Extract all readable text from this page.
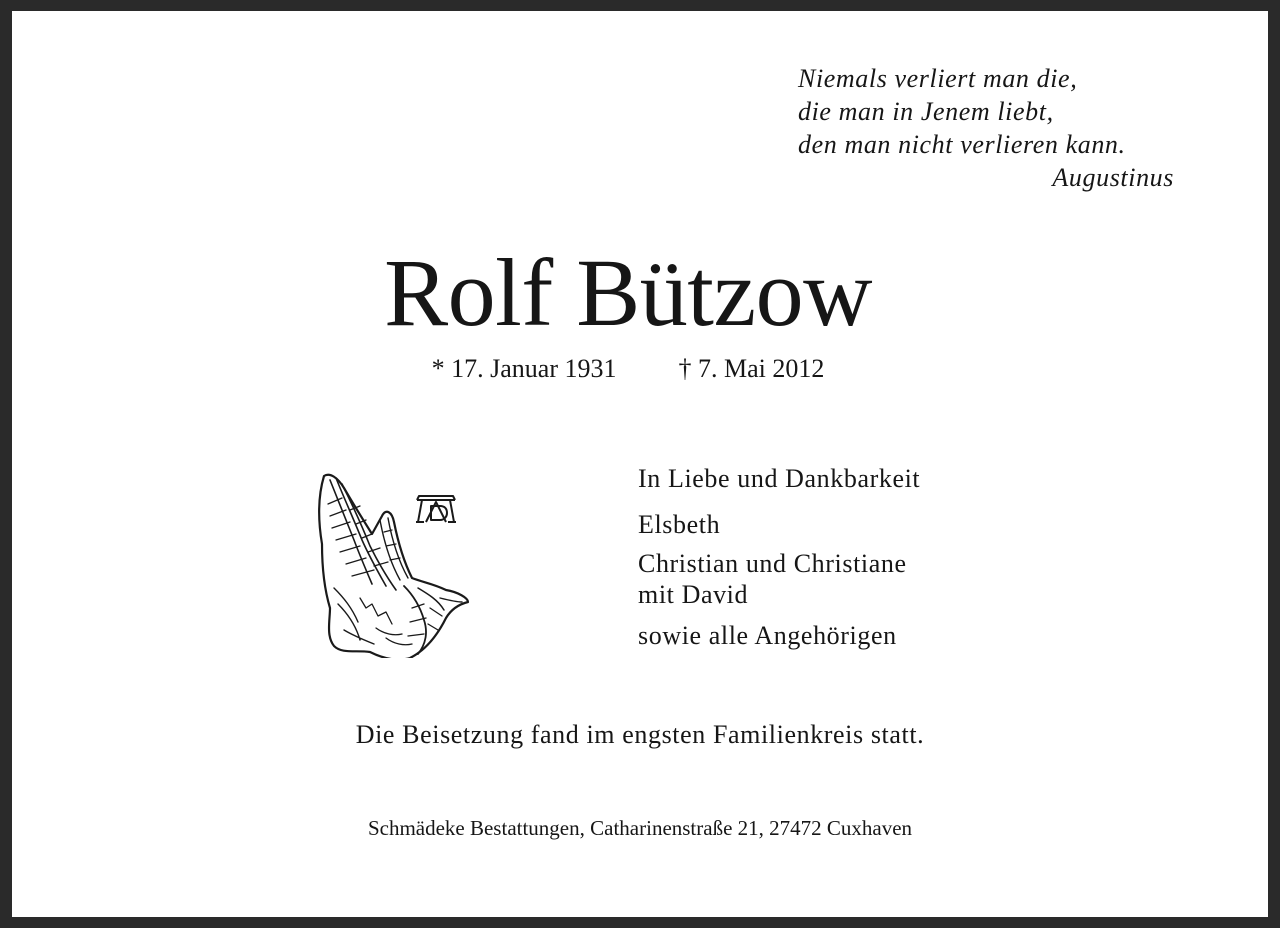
Niemals verliert man die,
die man in Jenem liebt,
den man nicht verlieren kann.
Augustinus
Rolf Bützow
* 17. Januar 1931 † 7. Mai 2012
In Liebe und Dankbarkeit
Elsbeth
Christian und Christiane
mit David
sowie alle Angehörigen
Die Beisetzung fand im engsten Familienkreis statt.
Schmädeke Bestattungen, Catharinenstraße 21, 27472 Cuxhaven
